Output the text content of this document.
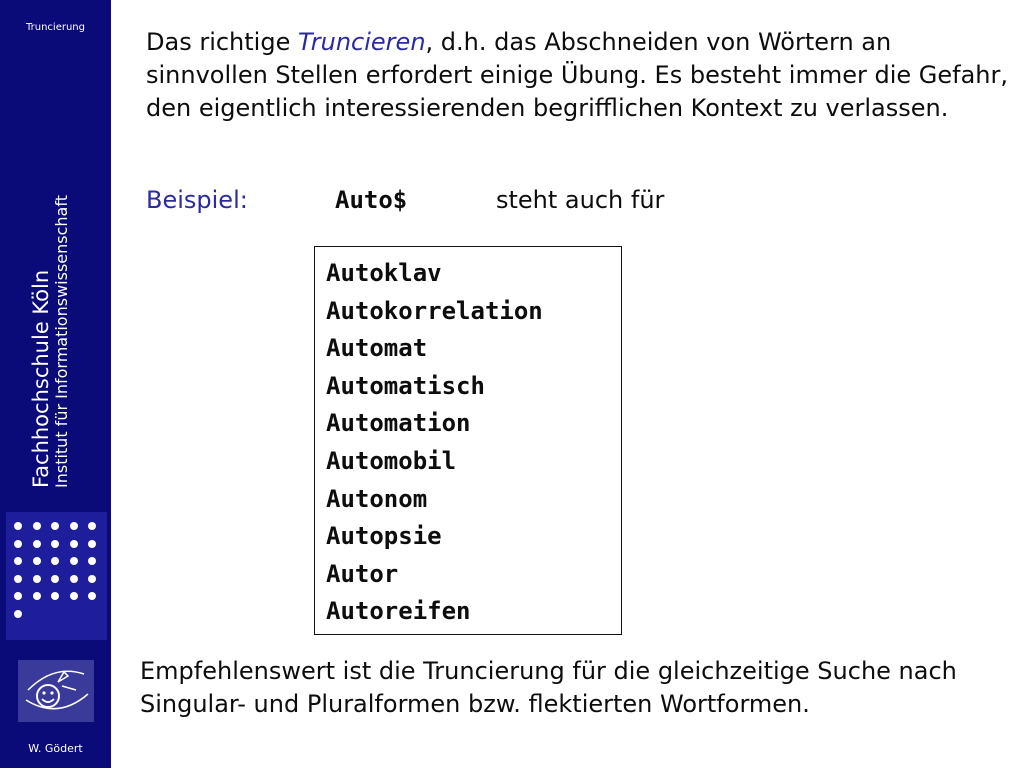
Truncierung
Fachhochschule Köln Institut für Informationswissenschaft
W. Gödert
Das richtige Truncieren, d.h. das Abschneiden von Wörtern an sinnvollen Stellen erfordert einige Übung. Es besteht immer die Gefahr, den eigentlich interessierenden begrifflichen Kontext zu verlassen.
Beispiel:	Auto$	steht auch für
Autoklav
Autokorrelation
Automat
Automatisch
Automation
Automobil
Autonom
Autopsie
Autor
Autoreifen
Empfehlenswert ist die Truncierung für die gleichzeitige Suche nach Singular- und Pluralformen bzw. flektierten Wortformen.
